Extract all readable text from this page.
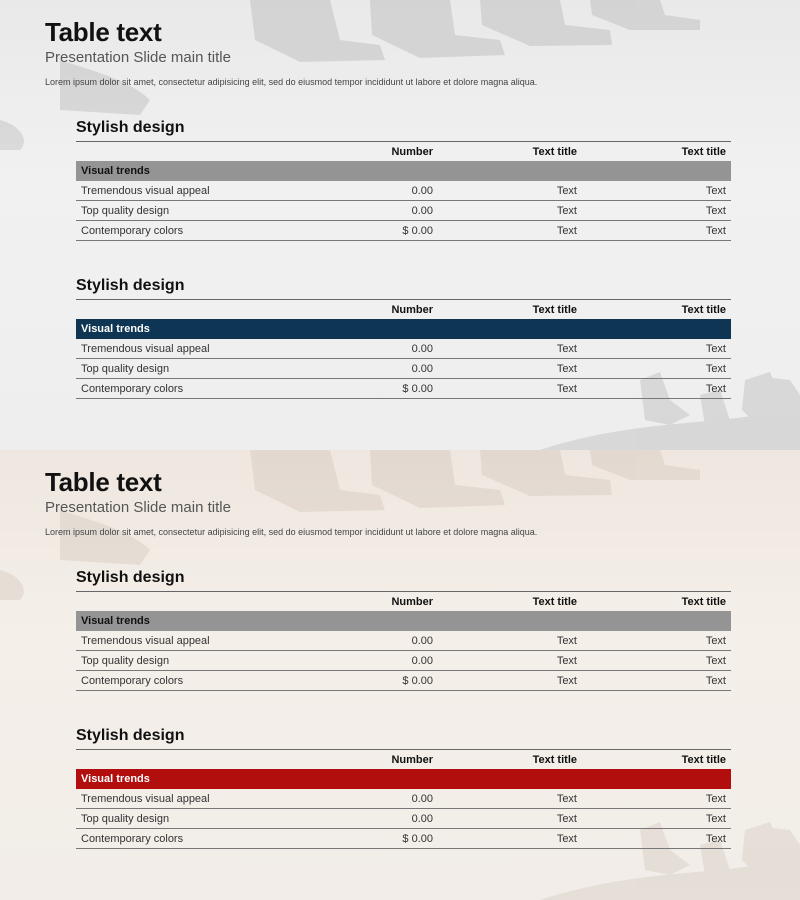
Table text
Presentation Slide main title
Lorem ipsum dolor sit amet, consectetur adipisicing elit, sed do eiusmod tempor incididunt ut labore et dolore magna aliqua.
Stylish design
	Number	Text title	Text title
Visual trends			
Tremendous visual appeal	0.00	Text	Text
Top quality design	0.00	Text	Text
Contemporary colors	$ 0.00	Text	Text
Stylish design
	Number	Text title	Text title
Visual trends			
Tremendous visual appeal	0.00	Text	Text
Top quality design	0.00	Text	Text
Contemporary colors	$ 0.00	Text	Text
Table text
Presentation Slide main title
Lorem ipsum dolor sit amet, consectetur adipisicing elit, sed do eiusmod tempor incididunt ut labore et dolore magna aliqua.
Stylish design
	Number	Text title	Text title
Visual trends			
Tremendous visual appeal	0.00	Text	Text
Top quality design	0.00	Text	Text
Contemporary colors	$ 0.00	Text	Text
Stylish design
	Number	Text title	Text title
Visual trends			
Tremendous visual appeal	0.00	Text	Text
Top quality design	0.00	Text	Text
Contemporary colors	$ 0.00	Text	Text
